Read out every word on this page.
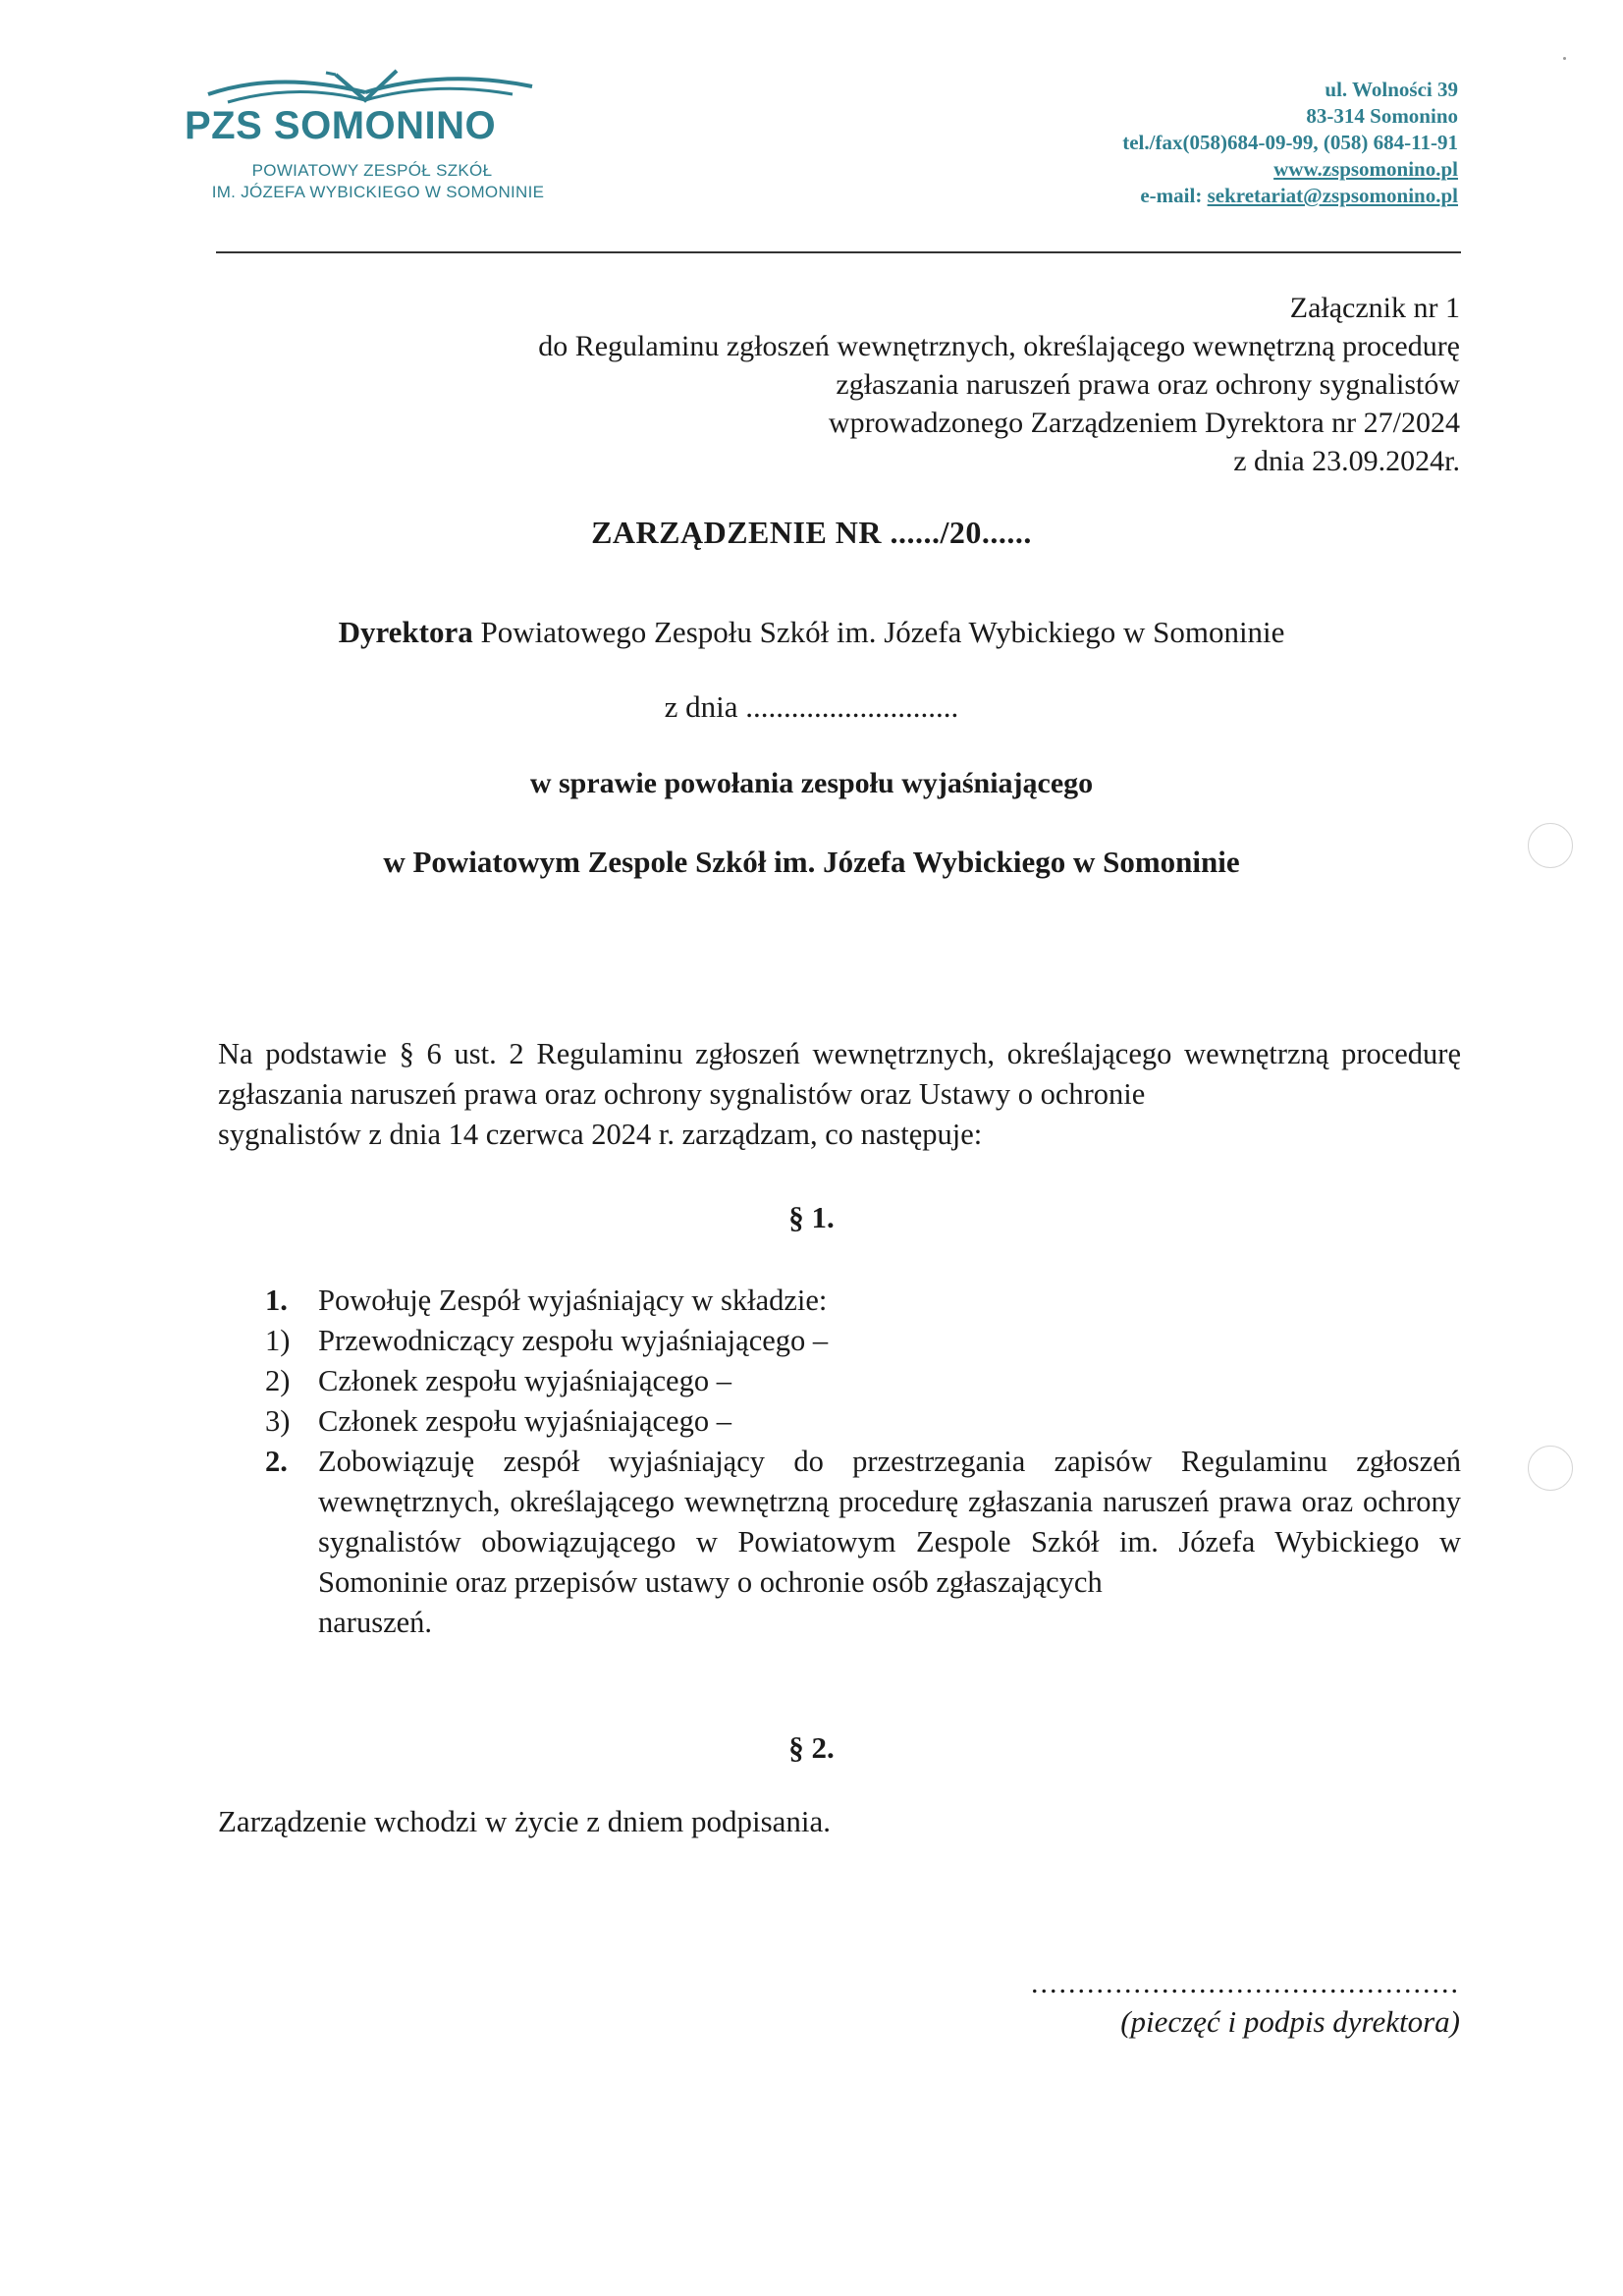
PZS SOMONINO
POWIATOWY ZESPÓŁ SZKÓŁ
IM. JÓZEFA WYBICKIEGO W SOMONINIE
ul. Wolności 39
83-314 Somonino
tel./fax(058)684-09-99, (058) 684-11-91
www.zspsomonino.pl
e-mail: sekretariat@zspsomonino.pl
Załącznik nr 1
do Regulaminu zgłoszeń wewnętrznych, określającego wewnętrzną procedurę
zgłaszania naruszeń prawa oraz ochrony sygnalistów
wprowadzonego Zarządzeniem Dyrektora nr 27/2024
z dnia 23.09.2024r.
ZARZĄDZENIE NR ....../20......
Dyrektora Powiatowego Zespołu Szkół im. Józefa Wybickiego w Somoninie
z dnia ............................
w sprawie powołania zespołu wyjaśniającego
w Powiatowym Zespole Szkół im. Józefa Wybickiego w Somoninie
Na podstawie § 6 ust. 2 Regulaminu zgłoszeń wewnętrznych, określającego wewnętrzną procedurę zgłaszania naruszeń prawa oraz ochrony sygnalistów oraz Ustawy o ochronie
sygnalistów z dnia 14 czerwca 2024 r. zarządzam, co następuje:
§ 1.
1.	Powołuję Zespół wyjaśniający w składzie:
1) Przewodniczący zespołu wyjaśniającego –
2) Członek zespołu wyjaśniającego –
3) Członek zespołu wyjaśniającego –
2.	Zobowiązuję zespół wyjaśniający do przestrzegania zapisów Regulaminu zgłoszeń wewnętrznych, określającego wewnętrzną procedurę zgłaszania naruszeń prawa oraz ochrony sygnalistów obowiązującego w Powiatowym Zespole Szkół im. Józefa Wybickiego w Somoninie oraz przepisów ustawy o ochronie osób zgłaszających
naruszeń.
§ 2.
Zarządzenie wchodzi w życie z dniem podpisania.
..............................................
(pieczęć i podpis dyrektora)
